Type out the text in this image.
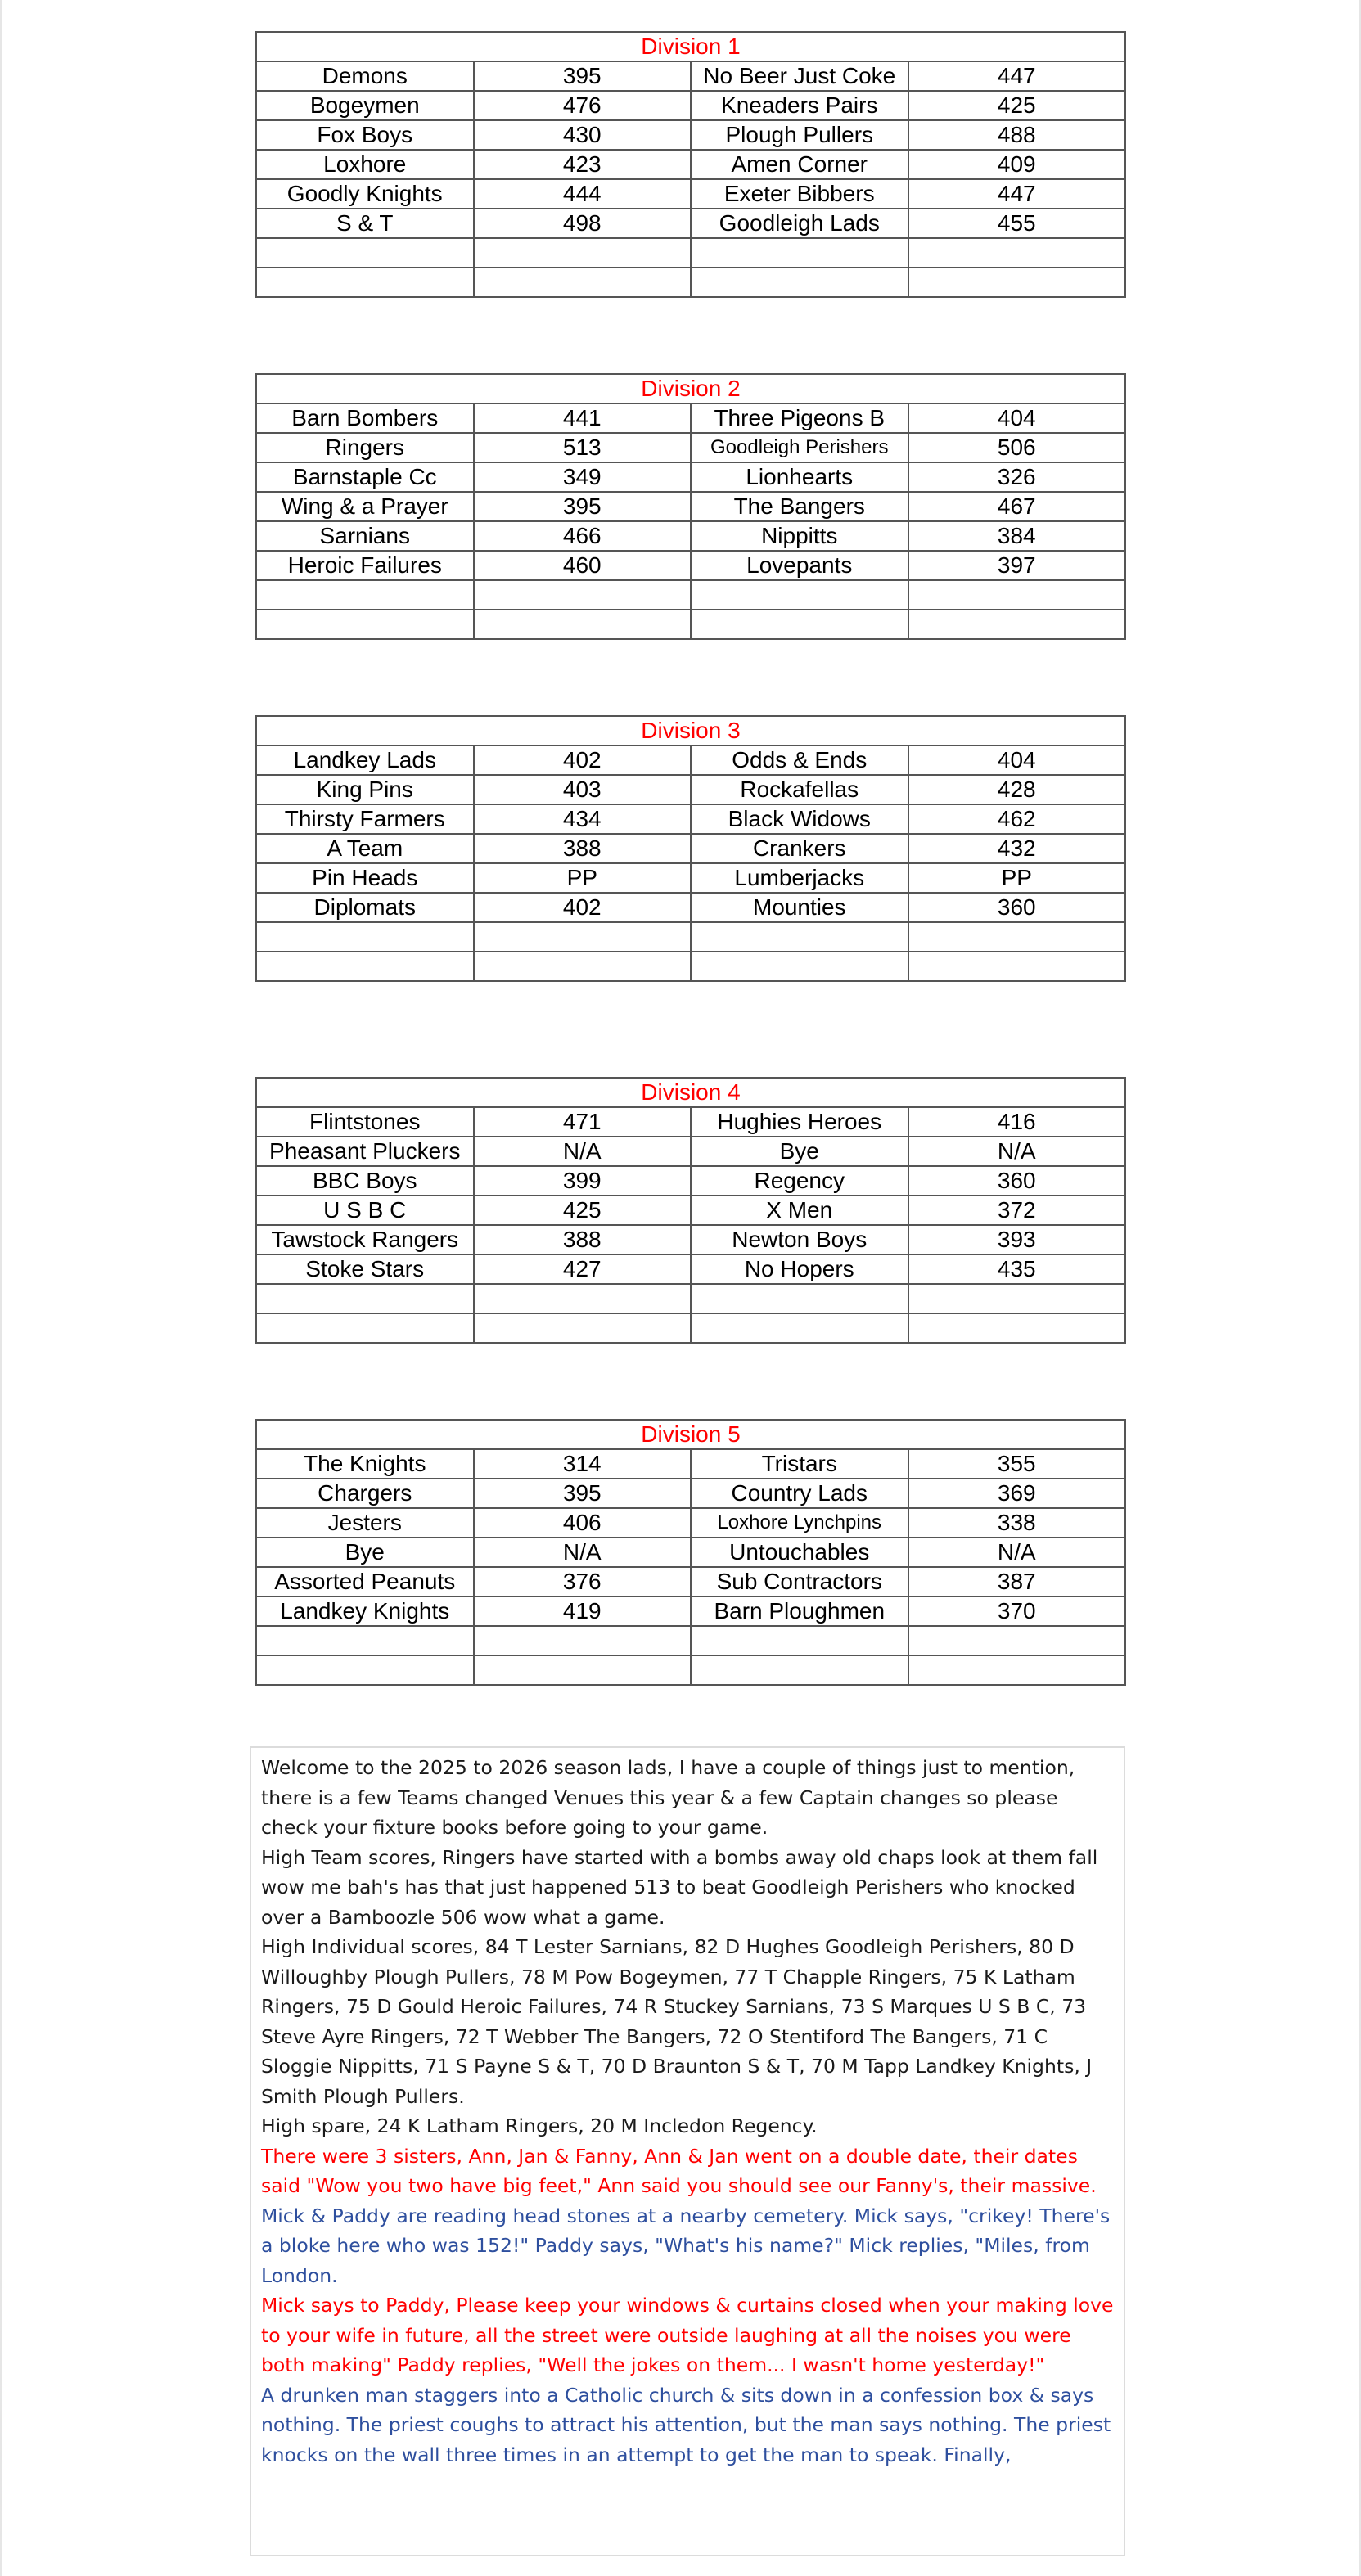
Division 1			
Demons	395	No Beer Just Coke	447
Bogeymen	476	Kneaders Pairs	425
Fox Boys	430	Plough Pullers	488
Loxhore	423	Amen Corner	409
Goodly Knights	444	Exeter Bibbers	447
S & T	498	Goodleigh Lads	455

Division 2			
Barn Bombers	441	Three Pigeons B	404
Ringers	513	Goodleigh Perishers	506
Barnstaple Cc	349	Lionhearts	326
Wing & a Prayer	395	The Bangers	467
Sarnians	466	Nippitts	384
Heroic Failures	460	Lovepants	397

Division 3			
Landkey Lads	402	Odds & Ends	404
King Pins	403	Rockafellas	428
Thirsty Farmers	434	Black Widows	462
A Team	388	Crankers	432
Pin Heads	PP	Lumberjacks	PP
Diplomats	402	Mounties	360

Division 4			
Flintstones	471	Hughies Heroes	416
Pheasant Pluckers	N/A	Bye	N/A
BBC Boys	399	Regency	360
U S B C	425	X Men	372
Tawstock Rangers	388	Newton Boys	393
Stoke Stars	427	No Hopers	435

Division 5			
The Knights	314	Tristars	355
Chargers	395	Country Lads	369
Jesters	406	Loxhore Lynchpins	338
Bye	N/A	Untouchables	N/A
Assorted Peanuts	376	Sub Contractors	387
Landkey Knights	419	Barn Ploughmen	370

Welcome to the 2025 to 2026 season lads, I have a couple of things just to mention, there is a few Teams changed Venues this year & a few Captain changes so please check your fixture books before going to your game.

High Team scores, Ringers have started with a bombs away old chaps look at them fall wow me bah's has that just happened 513 to beat Goodleigh Perishers who knocked over a Bamboozle 506 wow what a game.

High Individual scores, 84 T Lester Sarnians, 82 D Hughes Goodleigh Perishers, 80 D Willoughby Plough Pullers, 78 M Pow Bogeymen, 77 T Chapple Ringers, 75 K Latham Ringers, 75 D Gould Heroic Failures, 74 R Stuckey Sarnians, 73 S Marques U S B C, 73 Steve Ayre Ringers, 72 T Webber The Bangers, 72 O Stentiford The Bangers, 71 C Sloggie Nippitts, 71 S Payne S & T, 70 D Braunton S & T, 70 M Tapp Landkey Knights, J Smith Plough Pullers.

High spare, 24 K Latham Ringers, 20 M Incledon Regency.

There were 3 sisters, Ann, Jan & Fanny, Ann & Jan went on a double date, their dates said "Wow you two have big feet," Ann said you should see our Fanny's, their massive.

Mick & Paddy are reading head stones at a nearby cemetery. Mick says, "crikey! There's a bloke here who was 152!" Paddy says, "What's his name?" Mick replies, "Miles, from London.

Mick says to Paddy, Please keep your windows & curtains closed when your making love to your wife in future, all the street were outside laughing at all the noises you were both making" Paddy replies, "Well the jokes on them... I wasn't home yesterday!"

A drunken man staggers into a Catholic church & sits down in a confession box & says nothing. The priest coughs to attract his attention, but the man says nothing. The priest knocks on the wall three times in an attempt to get the man to speak. Finally,
